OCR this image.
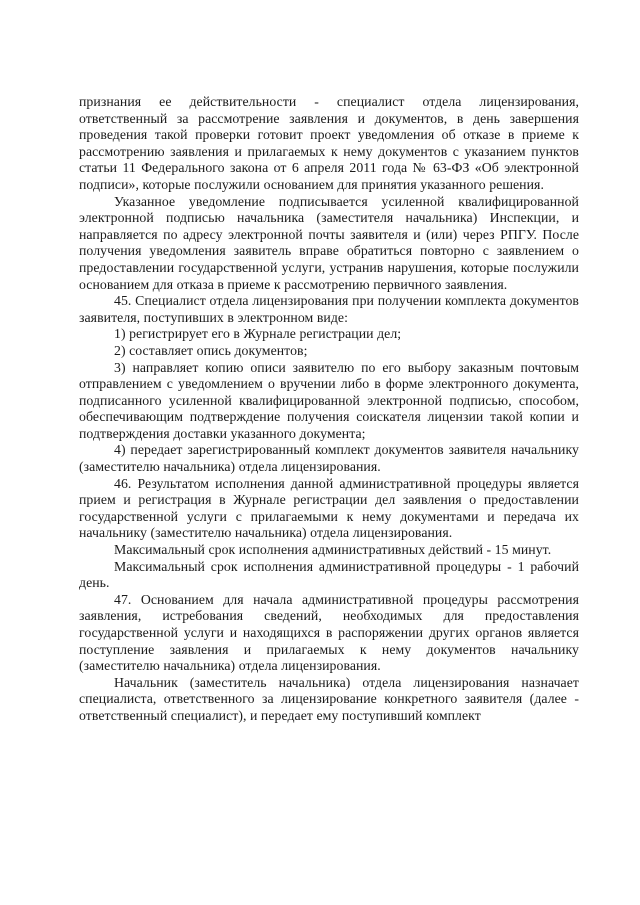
признания ее действительности - специалист отдела лицензирования, ответственный за рассмотрение заявления и документов, в день завершения проведения такой проверки готовит проект уведомления об отказе в приеме к рассмотрению заявления и прилагаемых к нему документов с указанием пунктов статьи 11 Федерального закона от 6 апреля 2011 года № 63-ФЗ «Об электронной подписи», которые послужили основанием для принятия указанного решения.

Указанное уведомление подписывается усиленной квалифицированной электронной подписью начальника (заместителя начальника) Инспекции, и направляется по адресу электронной почты заявителя и (или) через РПГУ. После получения уведомления заявитель вправе обратиться повторно с заявлением о предоставлении государственной услуги, устранив нарушения, которые послужили основанием для отказа в приеме к рассмотрению первичного заявления.

45. Специалист отдела лицензирования при получении комплекта документов заявителя, поступивших в электронном виде:

1) регистрирует его в Журнале регистрации дел;

2) составляет опись документов;

3) направляет копию описи заявителю по его выбору заказным почтовым отправлением с уведомлением о вручении либо в форме электронного документа, подписанного усиленной квалифицированной электронной подписью, способом, обеспечивающим подтверждение получения соискателя лицензии такой копии и подтверждения доставки указанного документа;

4) передает зарегистрированный комплект документов заявителя начальнику (заместителю начальника) отдела лицензирования.

46. Результатом исполнения данной административной процедуры является прием и регистрация в Журнале регистрации дел заявления о предоставлении государственной услуги с прилагаемыми к нему документами и передача их начальнику (заместителю начальника) отдела лицензирования.

Максимальный срок исполнения административных действий - 15 минут.

Максимальный срок исполнения административной процедуры - 1 рабочий день.

47. Основанием для начала административной процедуры рассмотрения заявления, истребования сведений, необходимых для предоставления государственной услуги и находящихся в распоряжении других органов является поступление заявления и прилагаемых к нему документов начальнику (заместителю начальника) отдела лицензирования.

Начальник (заместитель начальника) отдела лицензирования назначает специалиста, ответственного за лицензирование конкретного заявителя (далее - ответственный специалист), и передает ему поступивший комплект
